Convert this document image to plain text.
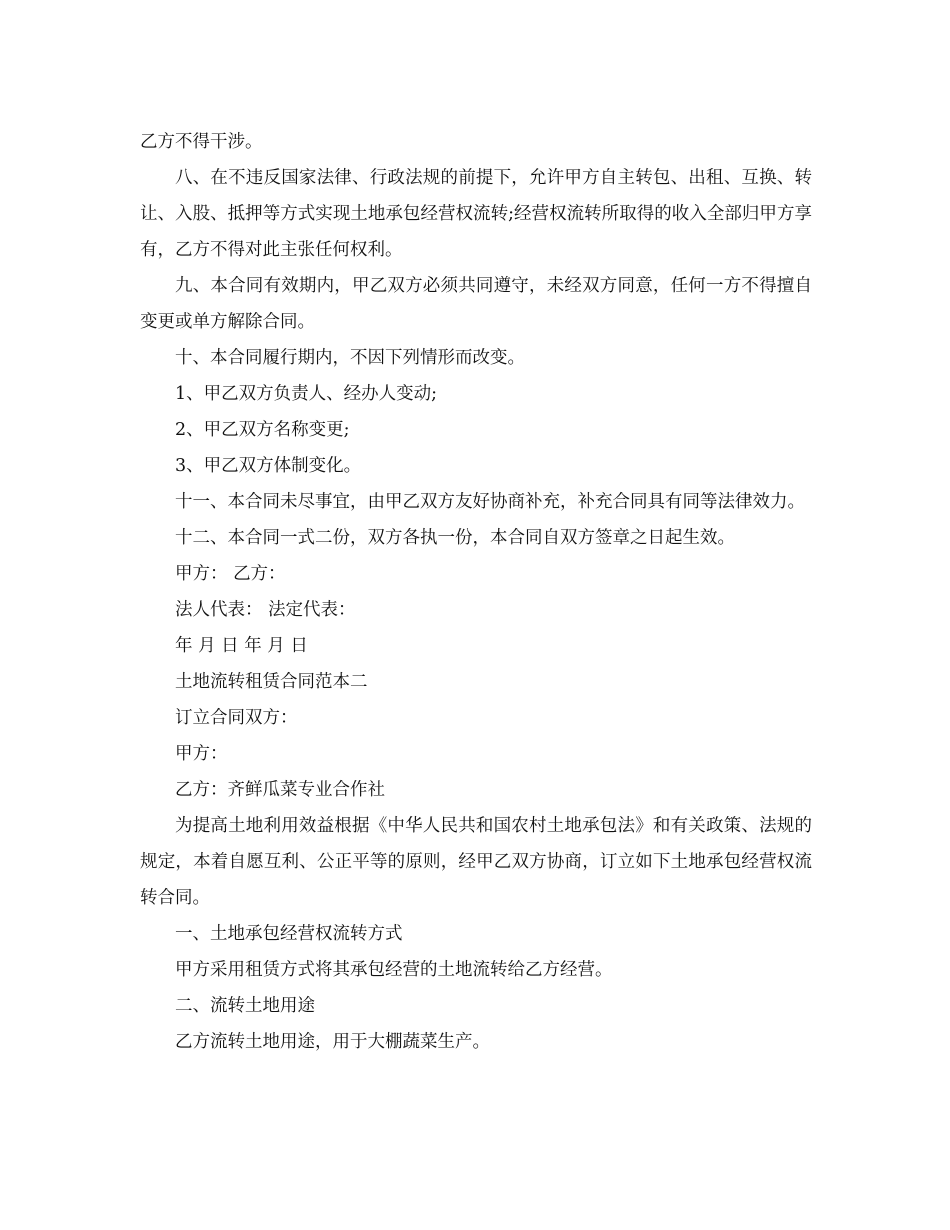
乙方不得干涉。

八、在不违反国家法律、行政法规的前提下，允许甲方自主转包、出租、互换、转让、入股、抵押等方式实现土地承包经营权流转;经营权流转所取得的收入全部归甲方享有，乙方不得对此主张任何权利。

九、本合同有效期内，甲乙双方必须共同遵守，未经双方同意，任何一方不得擅自变更或单方解除合同。

十、本合同履行期内，不因下列情形而改变。

1、甲乙双方负责人、经办人变动;

2、甲乙双方名称变更;

3、甲乙双方体制变化。

十一、本合同未尽事宜，由甲乙双方友好协商补充，补充合同具有同等法律效力。

十二、本合同一式二份，双方各执一份，本合同自双方签章之日起生效。

甲方： 乙方：

法人代表： 法定代表：

年 月 日 年 月 日

土地流转租赁合同范本二

订立合同双方：

甲方：

乙方：齐鲜瓜菜专业合作社

为提高土地利用效益根据《中华人民共和国农村土地承包法》和有关政策、法规的规定，本着自愿互利、公正平等的原则，经甲乙双方协商，订立如下土地承包经营权流转合同。

一、土地承包经营权流转方式

甲方采用租赁方式将其承包经营的土地流转给乙方经营。

二、流转土地用途

乙方流转土地用途，用于大棚蔬菜生产。
